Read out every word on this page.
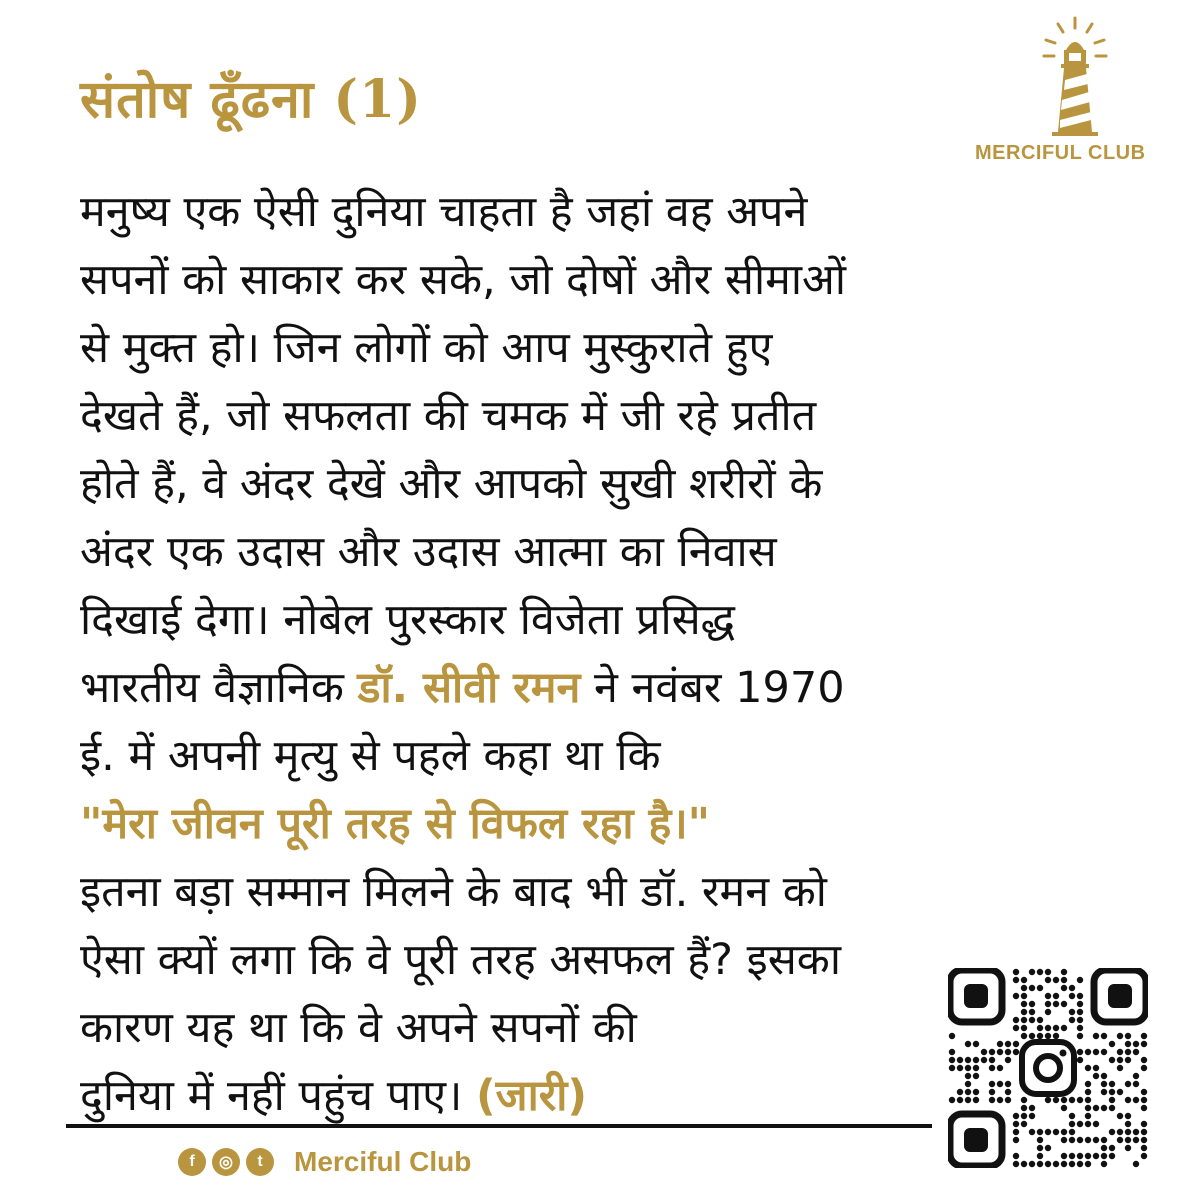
संतोष ढूँढना (1)
MERCIFUL CLUB
मनुष्य एक ऐसी दुनिया चाहता है जहां वह अपने
सपनों को साकार कर सके, जो दोषों और सीमाओं
से मुक्त हो। जिन लोगों को आप मुस्कुराते हुए
देखते हैं, जो सफलता की चमक में जी रहे प्रतीत
होते हैं, वे अंदर देखें और आपको सुखी शरीरों के
अंदर एक उदास और उदास आत्मा का निवास
दिखाई देगा। नोबेल पुरस्कार विजेता प्रसिद्ध
भारतीय वैज्ञानिक डॉ. सीवी रमन ने नवंबर 1970
ई. में अपनी मृत्यु से पहले कहा था कि
"मेरा जीवन पूरी तरह से विफल रहा है।"
इतना बड़ा सम्मान मिलने के बाद भी डॉ. रमन को
ऐसा क्यों लगा कि वे पूरी तरह असफल हैं? इसका
कारण यह था कि वे अपने सपनों की
दुनिया में नहीं पहुंच पाए। (जारी)
f	◎	t	Merciful Club
